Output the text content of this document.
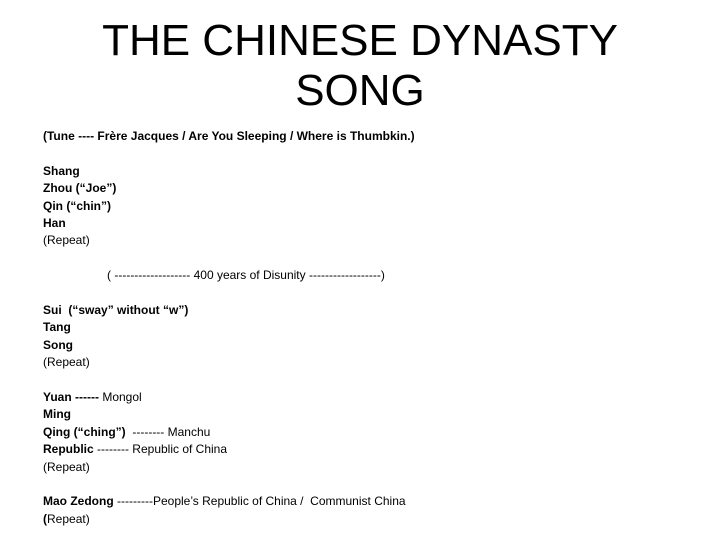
THE CHINESE DYNASTY
SONG
(Tune ---- Frère Jacques / Are You Sleeping / Where is Thumbkin.)
Shang
Zhou (“Joe”)
Qin (“chin”)
Han
(Repeat)
( ------------------- 400 years of Disunity ------------------)
Sui  (“sway” without “w”)
Tang
Song
(Repeat)
Yuan ------ Mongol
Ming
Qing (“ching”)  -------- Manchu
Republic -------- Republic of China
(Repeat)
Mao Zedong ---------People’s Republic of China /  Communist China
(Repeat)
